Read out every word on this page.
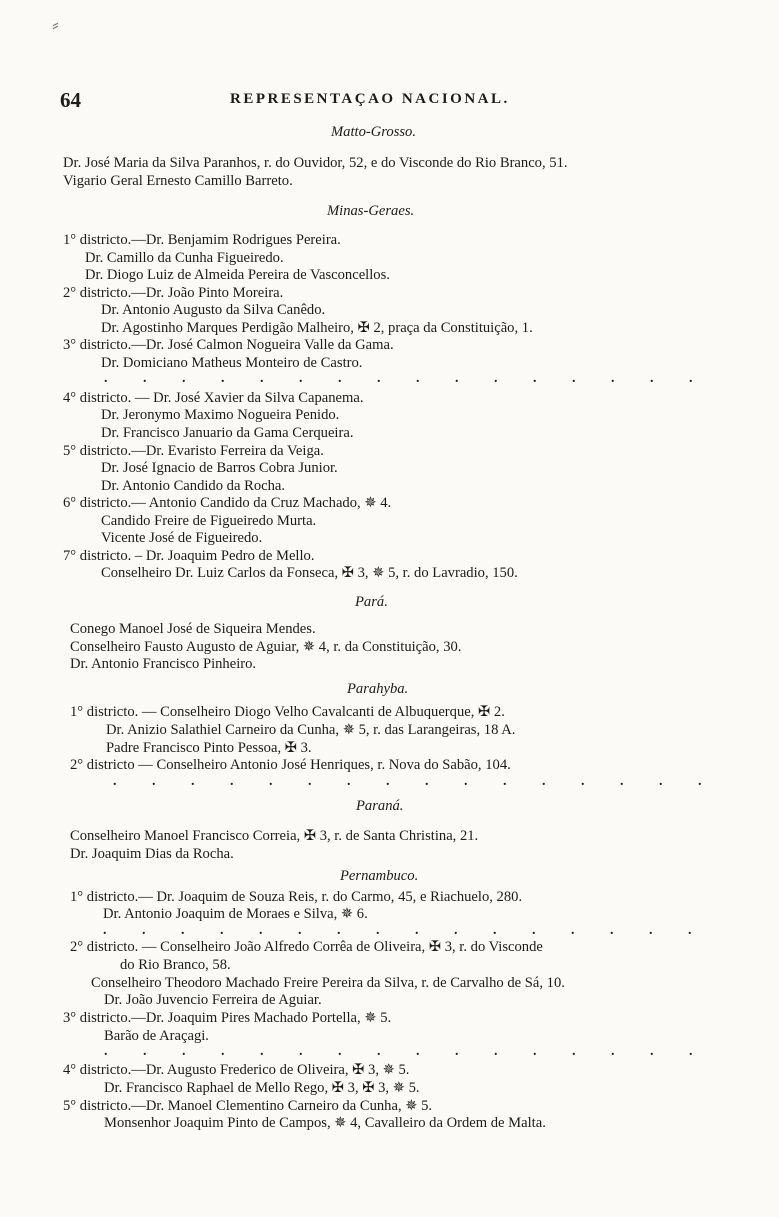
⸗
64	REPRESENTAÇAO NACIONAL.
Matto-Grosso.
Dr. José Maria da Silva Paranhos, r. do Ouvidor, 52, e do Visconde do Rio Branco, 51.
Vigario Geral Ernesto Camillo Barreto.
Minas-Geraes.
1° districto.—Dr. Benjamim Rodrigues Pereira.
Dr. Camillo da Cunha Figueiredo.
Dr. Diogo Luiz de Almeida Pereira de Vasconcellos.
2° districto.—Dr. João Pinto Moreira.
Dr. Antonio Augusto da Silva Canêdo.
Dr. Agostinho Marques Perdigão Malheiro, ✠ 2, praça da Constituição, 1.
3° districto.—Dr. José Calmon Nogueira Valle da Gama.
Dr. Domiciano Matheus Monteiro de Castro.
. . . . . . . . . . . . . . . .
4° districto. — Dr. José Xavier da Silva Capanema.
Dr. Jeronymo Maximo Nogueira Penido.
Dr. Francisco Januario da Gama Cerqueira.
5° districto.—Dr. Evaristo Ferreira da Veiga.
Dr. José Ignacio de Barros Cobra Junior.
Dr. Antonio Candido da Rocha.
6° districto.— Antonio Candido da Cruz Machado, ✵ 4.
Candido Freire de Figueiredo Murta.
Vicente José de Figueiredo.
7° districto. – Dr. Joaquim Pedro de Mello.
Conselheiro Dr. Luiz Carlos da Fonseca, ✠ 3, ✵ 5, r. do Lavradio, 150.
Pará.
Conego Manoel José de Siqueira Mendes.
Conselheiro Fausto Augusto de Aguiar, ✵ 4, r. da Constituição, 30.
Dr. Antonio Francisco Pinheiro.
Parahyba.
1° districto. — Conselheiro Diogo Velho Cavalcanti de Albuquerque, ✠ 2.
Dr. Anizio Salathiel Carneiro da Cunha, ✵ 5, r. das Larangeiras, 18 A.
Padre Francisco Pinto Pessoa, ✠ 3.
2° districto — Conselheiro Antonio José Henriques, r. Nova do Sabão, 104.
. . . . . . . . . . . . . . . .
Paraná.
Conselheiro Manoel Francisco Correia, ✠ 3, r. de Santa Christina, 21.
Dr. Joaquim Dias da Rocha.
Pernambuco.
1° districto.— Dr. Joaquim de Souza Reis, r. do Carmo, 45, e Riachuelo, 280.
Dr. Antonio Joaquim de Moraes e Silva, ✵ 6.
. . . . . . . . . . . . . . . .
2° districto. — Conselheiro João Alfredo Corrêa de Oliveira, ✠ 3, r. do Visconde
do Rio Branco, 58.
Conselheiro Theodoro Machado Freire Pereira da Silva, r. de Carvalho de Sá, 10.
Dr. João Juvencio Ferreira de Aguiar.
3° districto.—Dr. Joaquim Pires Machado Portella, ✵ 5.
Barão de Araçagi.
. . . . . . . . . . . . . . . .
4° districto.—Dr. Augusto Frederico de Oliveira, ✠ 3, ✵ 5.
Dr. Francisco Raphael de Mello Rego, ✠ 3, ✠ 3, ✵ 5.
5° districto.—Dr. Manoel Clementino Carneiro da Cunha, ✵ 5.
Monsenhor Joaquim Pinto de Campos, ✵ 4, Cavalleiro da Ordem de Malta.
